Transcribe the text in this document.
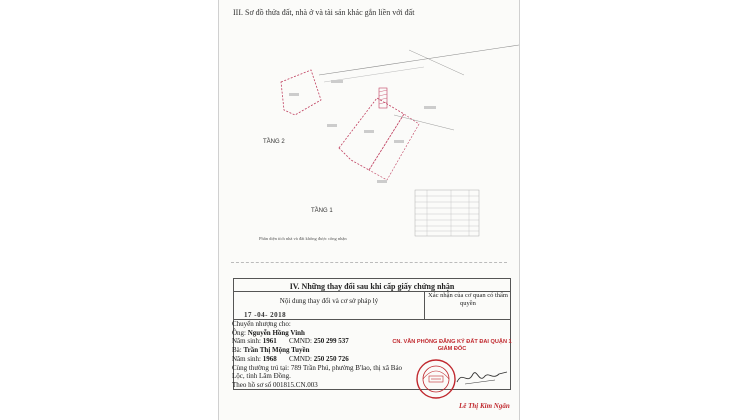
III. Sơ đồ thửa đất, nhà ở và tài sản khác gắn liền với đất
TẦNG 2
TẦNG 1
Phần diện tích nhà và đất không được công nhận
IV. Những thay đổi sau khi cấp giấy chứng nhận
Nội dung thay đổi và cơ sở pháp lý
Xác nhận của cơ quan có thẩm quyền
17 -04- 2018
Chuyển nhượng cho:
Ông: Nguyễn Hồng Vinh
Năm sinh: 1961 CMND: 250 299 537
Bà: Trần Thị Mộng Tuyền
Năm sinh: 1968 CMND: 250 250 726
Cùng thường trú tại: 789 Trần Phú, phường B'lao, thị xã Bảo Lộc, tỉnh Lâm Đồng.
Theo hồ sơ số 001815.CN.003
CN. VĂN PHÒNG ĐĂNG KÝ ĐẤT ĐAI QUẬN 1
GIÁM ĐỐC
Lê Thị Kim Ngân
